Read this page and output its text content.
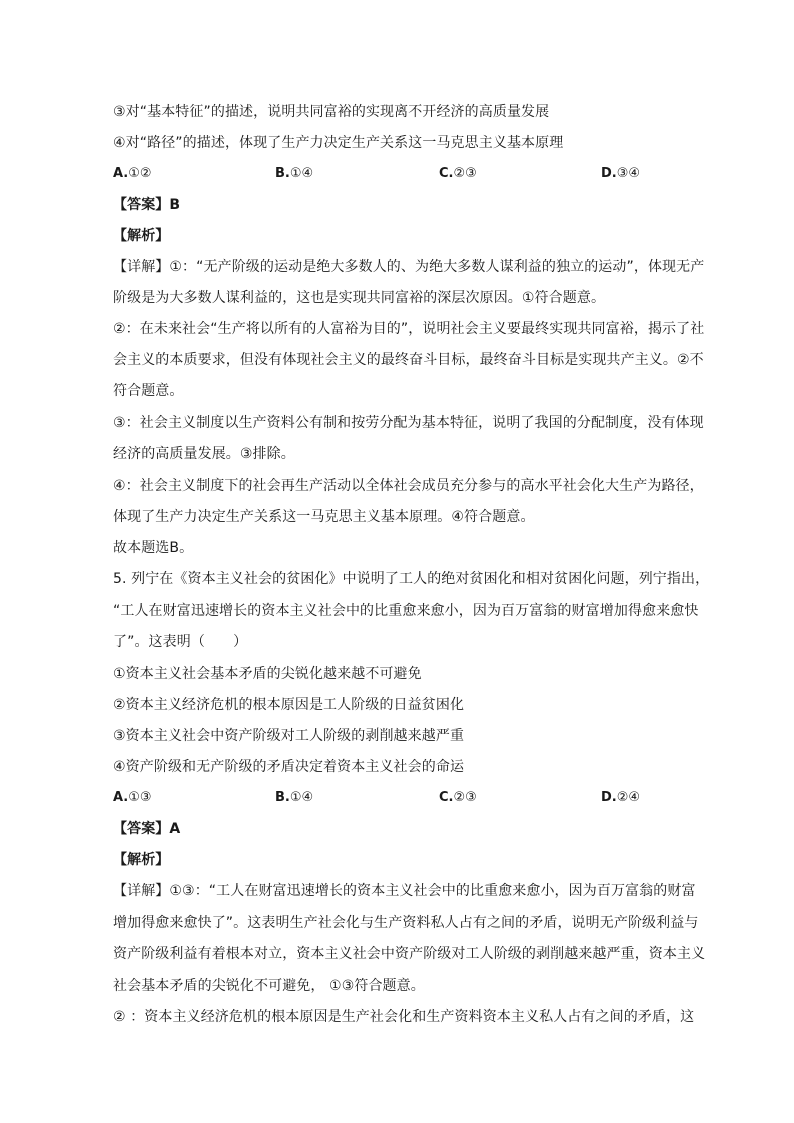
③对“基本特征”的描述，说明共同富裕的实现离不开经济的高质量发展
④对“路径”的描述，体现了生产力决定生产关系这一马克思主义基本原理
A.①②	B.①④	C.②③	D.③④
【答案】B
【解析】
【详解】①：“无产阶级的运动是绝大多数人的、为绝大多数人谋利益的独立的运动”，体现无产
阶级是为大多数人谋利益的，这也是实现共同富裕的深层次原因。①符合题意。
②：在未来社会“生产将以所有的人富裕为目的”，说明社会主义要最终实现共同富裕，揭示了社
会主义的本质要求，但没有体现社会主义的最终奋斗目标，最终奋斗目标是实现共产主义。②不
符合题意。
③：社会主义制度以生产资料公有制和按劳分配为基本特征，说明了我国的分配制度，没有体现
经济的高质量发展。③排除。
④：社会主义制度下的社会再生产活动以全体社会成员充分参与的高水平社会化大生产为路径，
体现了生产力决定生产关系这一马克思主义基本原理。④符合题意。
故本题选B。
5. 列宁在《资本主义社会的贫困化》中说明了工人的绝对贫困化和相对贫困化问题，列宁指出，
“工人在财富迅速增长的资本主义社会中的比重愈来愈小，因为百万富翁的财富增加得愈来愈快
了”。这表明（　　）
①资本主义社会基本矛盾的尖锐化越来越不可避免
②资本主义经济危机的根本原因是工人阶级的日益贫困化
③资本主义社会中资产阶级对工人阶级的剥削越来越严重
④资产阶级和无产阶级的矛盾决定着资本主义社会的命运
A.①③	B.①④	C.②③	D.②④
【答案】A
【解析】
【详解】①③：“工人在财富迅速增长的资本主义社会中的比重愈来愈小，因为百万富翁的财富
增加得愈来愈快了”。这表明生产社会化与生产资料私人占有之间的矛盾，说明无产阶级利益与
资产阶级利益有着根本对立，资本主义社会中资产阶级对工人阶级的剥削越来越严重，资本主义
社会基本矛盾的尖锐化不可避免， ①③符合题意。
② ：资本主义经济危机的根本原因是生产社会化和生产资料资本主义私人占有之间的矛盾，这
